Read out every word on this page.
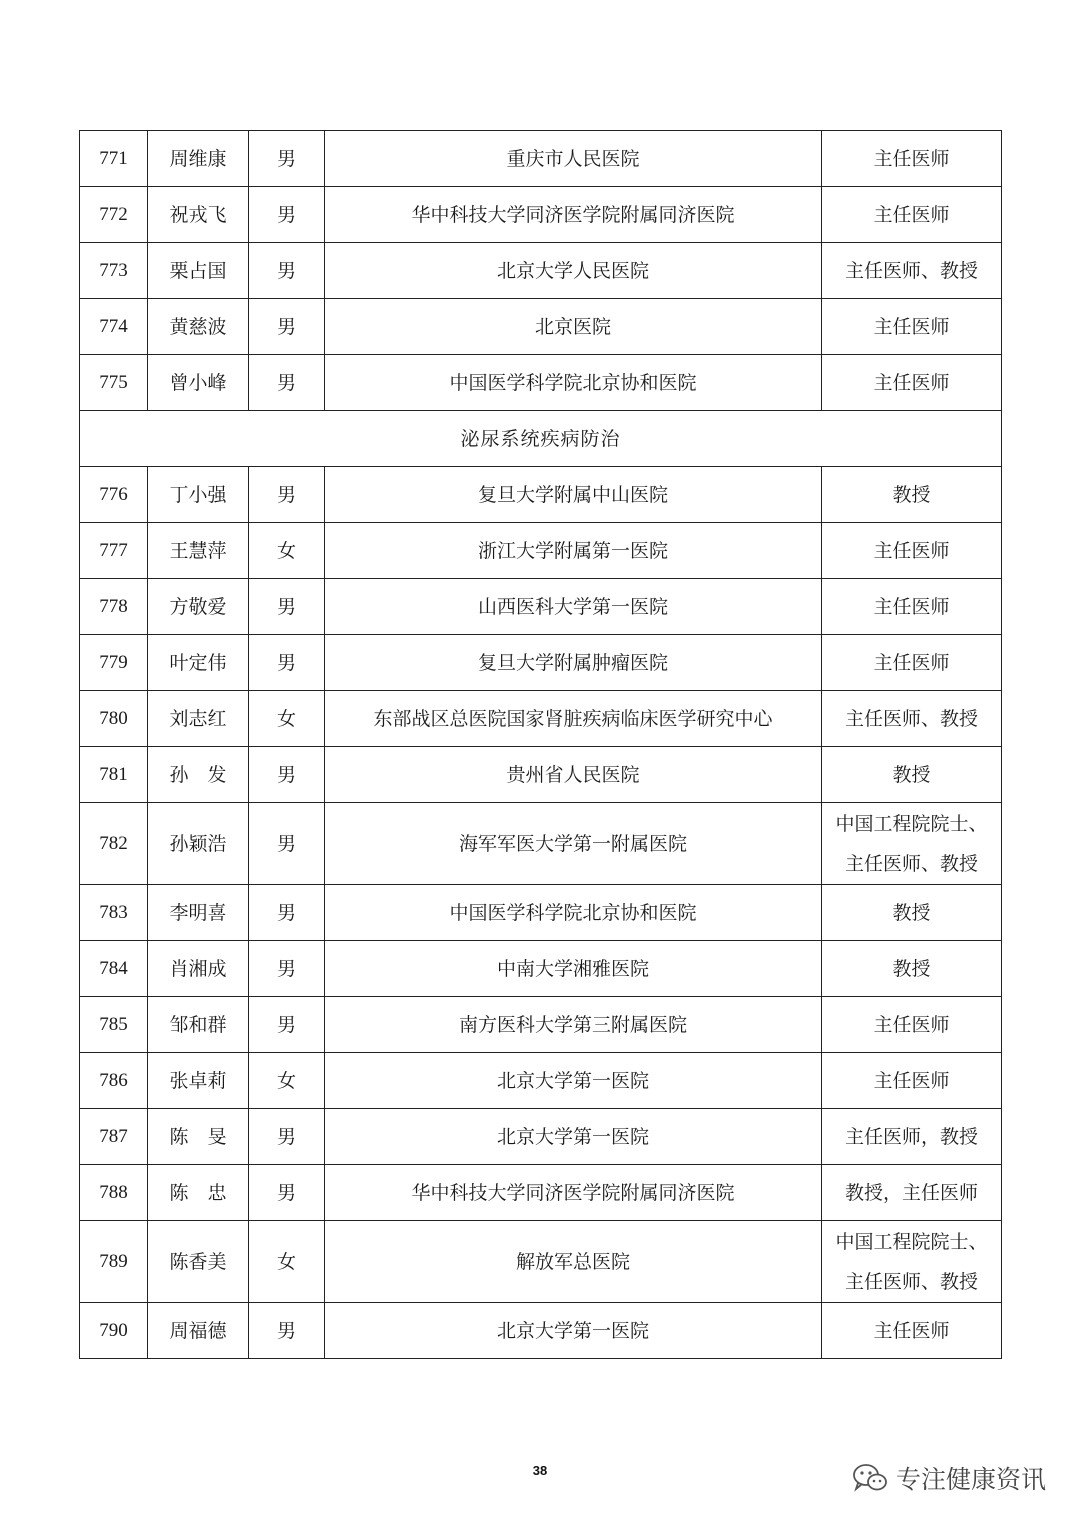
771	周维康	男	重庆市人民医院	主任医师

772	祝戎飞	男	华中科技大学同济医学院附属同济医院	主任医师

773	栗占国	男	北京大学人民医院	主任医师、教授

774	黄慈波	男	北京医院	主任医师

775	曾小峰	男	中国医学科学院北京协和医院	主任医师

泌尿系统疾病防治				
776	丁小强	男	复旦大学附属中山医院	教授

777	王慧萍	女	浙江大学附属第一医院	主任医师

778	方敬爱	男	山西医科大学第一医院	主任医师

779	叶定伟	男	复旦大学附属肿瘤医院	主任医师

780	刘志红	女	东部战区总医院国家肾脏疾病临床医学研究中心	主任医师、教授

781	孙　发	男	贵州省人民医院	教授

782	孙颖浩	男	海军军医大学第一附属医院	中国工程院院士、
主任医师、教授

783	李明喜	男	中国医学科学院北京协和医院	教授

784	肖湘成	男	中南大学湘雅医院	教授

785	邹和群	男	南方医科大学第三附属医院	主任医师

786	张卓莉	女	北京大学第一医院	主任医师

787	陈　旻	男	北京大学第一医院	主任医师，教授

788	陈　忠	男	华中科技大学同济医学院附属同济医院	教授，主任医师

789	陈香美	女	解放军总医院	中国工程院院士、
主任医师、教授

790	周福德	男	北京大学第一医院	主任医师
38	专注健康资讯
